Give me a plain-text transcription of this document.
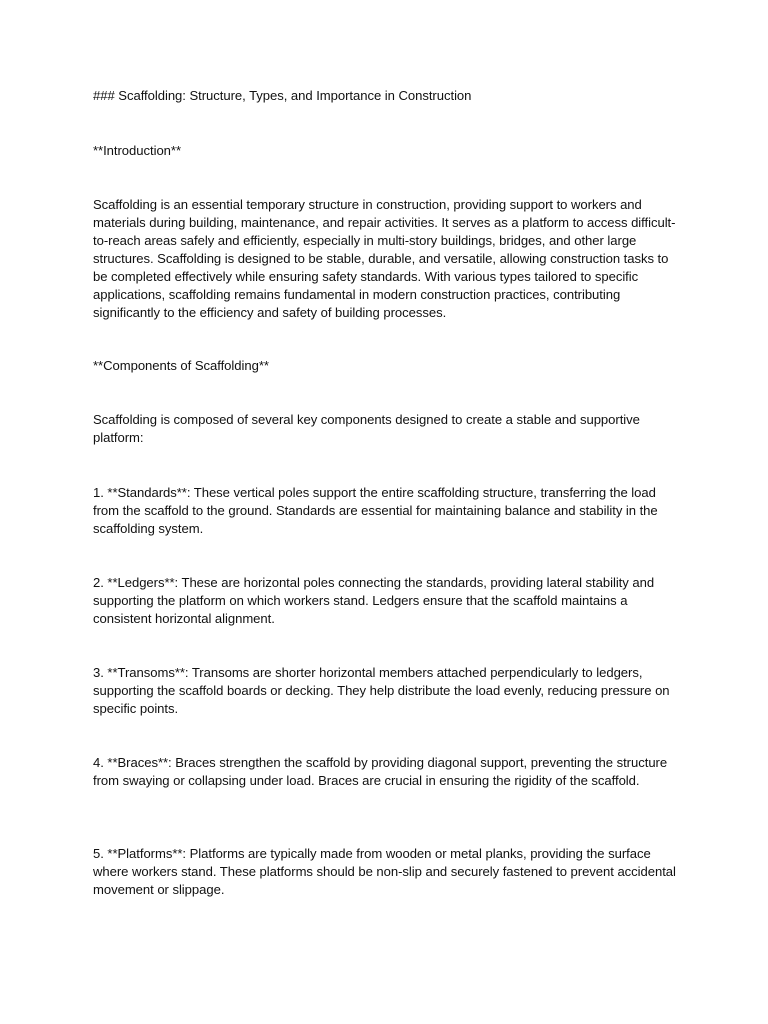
### Scaffolding: Structure, Types, and Importance in Construction

**Introduction**

Scaffolding is an essential temporary structure in construction, providing support to workers and materials during building, maintenance, and repair activities. It serves as a platform to access difficult-to-reach areas safely and efficiently, especially in multi-story buildings, bridges, and other large structures. Scaffolding is designed to be stable, durable, and versatile, allowing construction tasks to be completed effectively while ensuring safety standards. With various types tailored to specific applications, scaffolding remains fundamental in modern construction practices, contributing significantly to the efficiency and safety of building processes.

**Components of Scaffolding**

Scaffolding is composed of several key components designed to create a stable and supportive platform:

1. **Standards**: These vertical poles support the entire scaffolding structure, transferring the load from the scaffold to the ground. Standards are essential for maintaining balance and stability in the scaffolding system.

2. **Ledgers**: These are horizontal poles connecting the standards, providing lateral stability and supporting the platform on which workers stand. Ledgers ensure that the scaffold maintains a consistent horizontal alignment.

3. **Transoms**: Transoms are shorter horizontal members attached perpendicularly to ledgers, supporting the scaffold boards or decking. They help distribute the load evenly, reducing pressure on specific points.

4. **Braces**: Braces strengthen the scaffold by providing diagonal support, preventing the structure from swaying or collapsing under load. Braces are crucial in ensuring the rigidity of the scaffold.

5. **Platforms**: Platforms are typically made from wooden or metal planks, providing the surface where workers stand. These platforms should be non-slip and securely fastened to prevent accidental movement or slippage.
